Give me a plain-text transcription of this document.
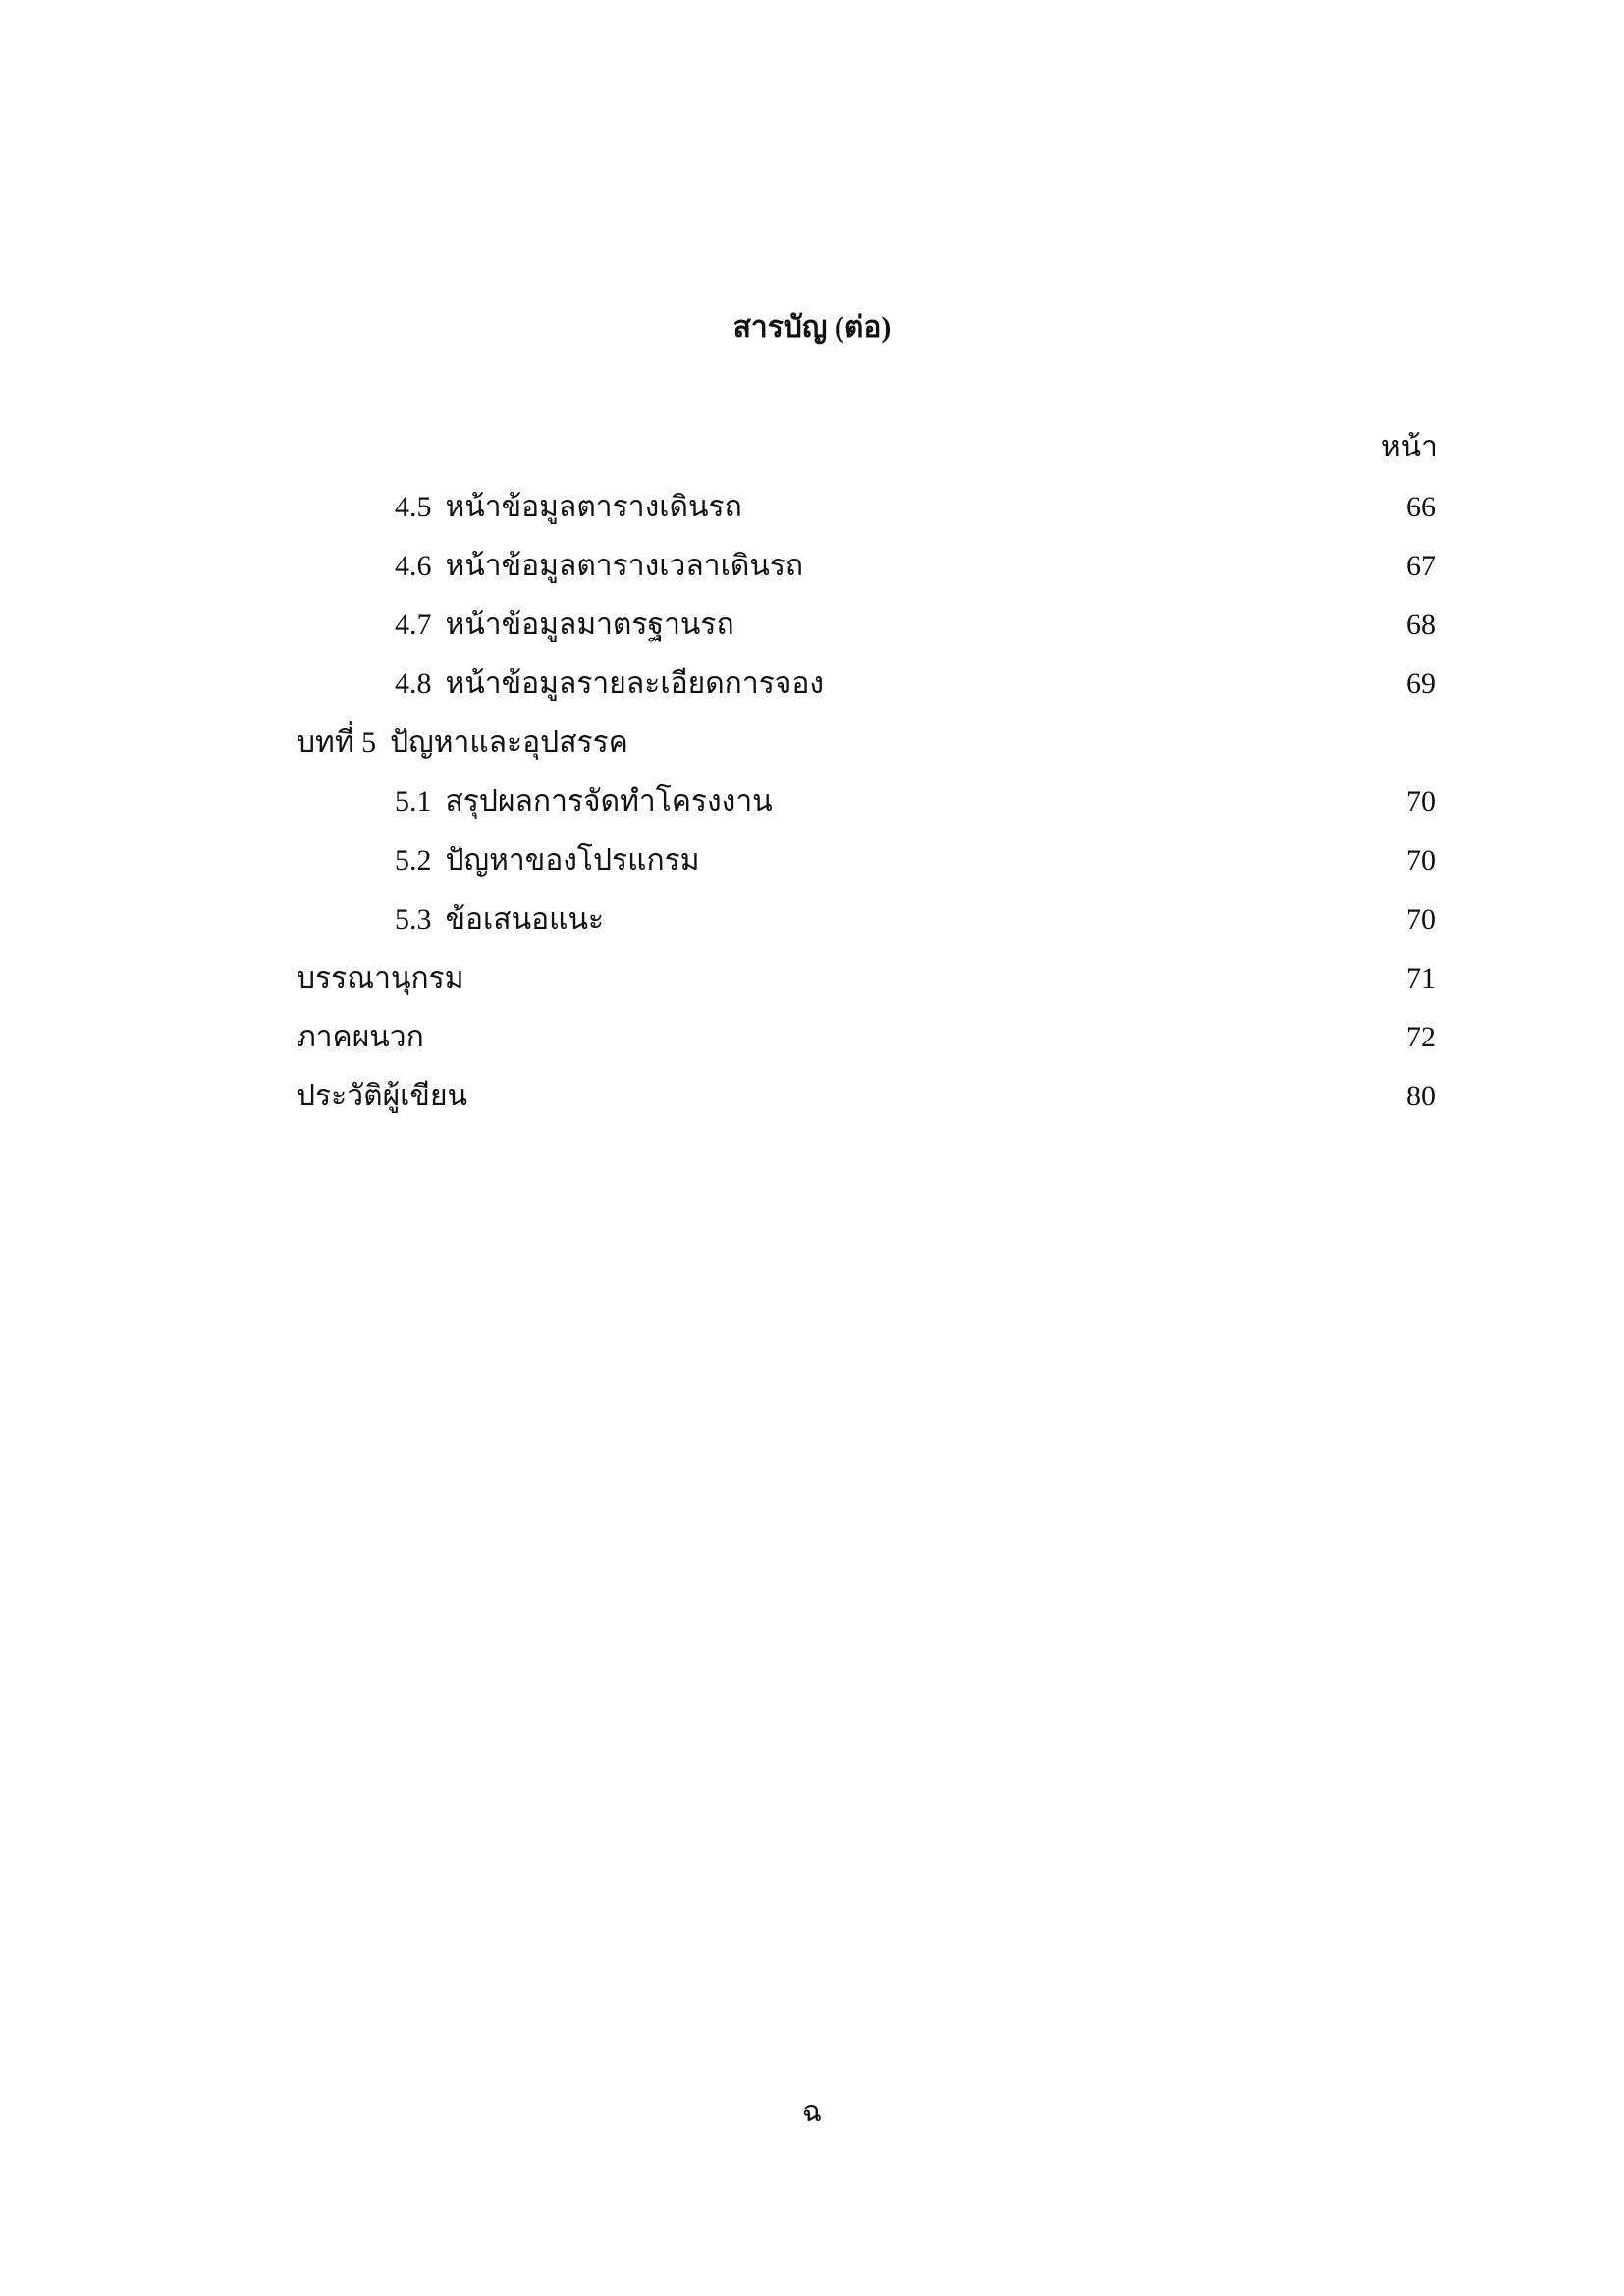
สารบัญ (ต่อ)
หน้า
4.5 หน้าข้อมูลตารางเดินรถ	66
4.6 หน้าข้อมูลตารางเวลาเดินรถ	67
4.7 หน้าข้อมูลมาตรฐานรถ	68
4.8 หน้าข้อมูลรายละเอียดการจอง	69
บทที่ 5 ปัญหาและอุปสรรค
5.1 สรุปผลการจัดทำโครงงาน	70
5.2 ปัญหาของโปรแกรม	70
5.3 ข้อเสนอแนะ	70
บรรณานุกรม	71
ภาคผนวก	72
ประวัติผู้เขียน	80
ฉ
